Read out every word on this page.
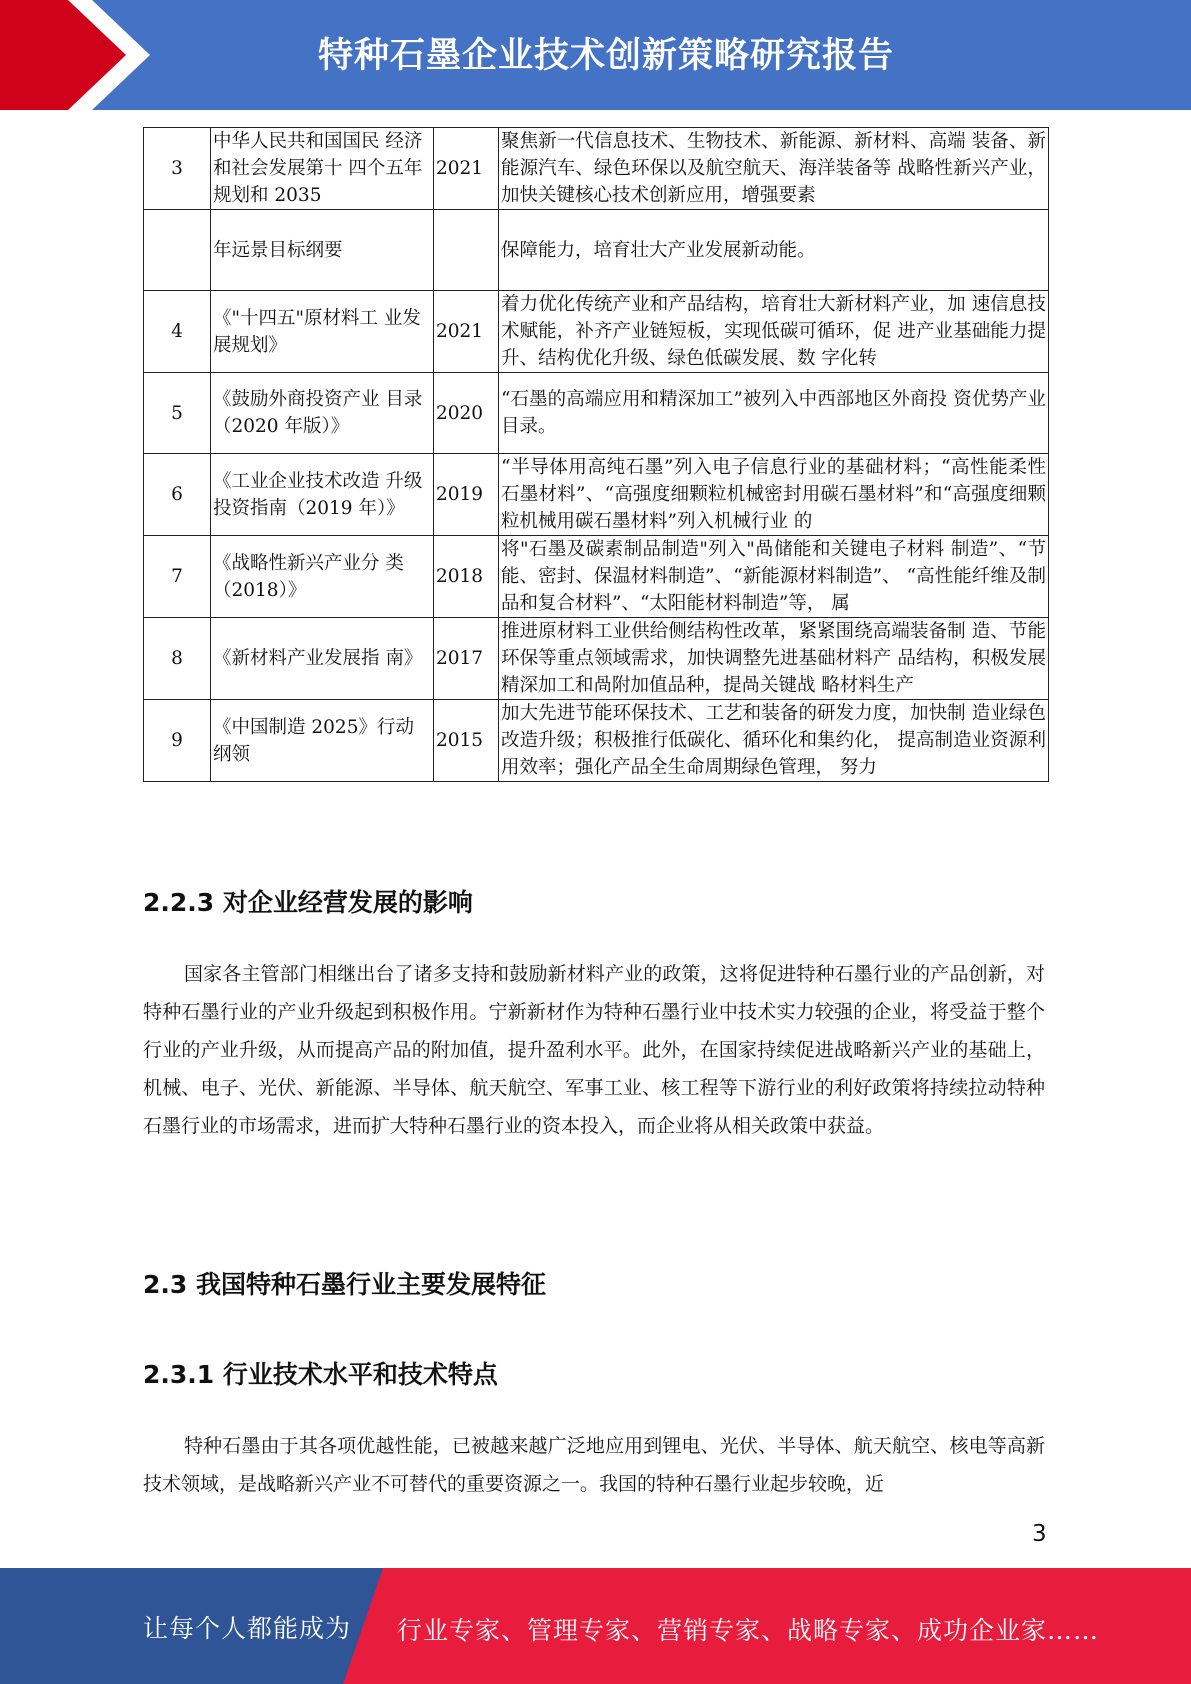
特种石墨企业技术创新策略研究报告
3	中华人民共和国国民 经济和社会发展第十 四个五年规划和 2035	2021	聚焦新一代信息技术、生物技术、新能源、新材料、高端 装备、新能源汽车、绿色环保以及航空航天、海洋装备等 战略性新兴产业，加快关键核心技术创新应用，增强要素
	年远景目标纲要		保障能力，培育壮大产业发展新动能。
4	《"十四五"原材料工 业发展规划》	2021	着力优化传统产业和产品结构，培育壮大新材料产业，加 速信息技术赋能，补齐产业链短板，实现低碳可循环，促 进产业基础能力提升、结构优化升级、绿色低碳发展、数 字化转
5	《鼓励外商投资产业 目录（2020 年版）》	2020	“石墨的高端应用和精深加工”被列入中西部地区外商投 资优势产业目录。
6	《工业企业技术改造 升级投资指南（2019 年）》	2019	“半导体用高纯石墨”列入电子信息行业的基础材料；“高性能柔性石墨材料”、“高强度细颗粒机械密封用碳石墨材料”和“高强度细颗粒机械用碳石墨材料”列入机械行业 的
7	《战略性新兴产业分 类（2018）》	2018	将"石墨及碳素制品制造"列入"咼储能和关键电子材料 制造”、“节能、密封、保温材料制造”、“新能源材料制造”、 “高性能纤维及制品和复合材料”、“太阳能材料制造”等， 属
8	《新材料产业发展指 南》	2017	推进原材料工业供给侧结构性改革，紧紧围绕高端装备制 造、节能环保等重点领域需求，加快调整先进基础材料产 品结构，积极发展精深加工和咼附加值品种，提咼关键战 略材料生产
9	《中国制造 2025》行动 纲领	2015	加大先进节能环保技术、工艺和装备的研发力度，加快制 造业绿色改造升级；积极推行低碳化、循环化和集约化， 提高制造业资源利用效率；强化产品全生命周期绿色管理， 努力
2.2.3 对企业经营发展的影响

国家各主管部门相继出台了诸多支持和鼓励新材料产业的政策，这将促进特种石墨行业的产品创新，对特种石墨行业的产业升级起到积极作用。宁新新材作为特种石墨行业中技术实力较强的企业，将受益于整个行业的产业升级，从而提高产品的附加值，提升盈利水平。此外，在国家持续促进战略新兴产业的基础上，机械、电子、光伏、新能源、半导体、航天航空、军事工业、核工程等下游行业的利好政策将持续拉动特种石墨行业的市场需求，进而扩大特种石墨行业的资本投入，而企业将从相关政策中获益。

2.3 我国特种石墨行业主要发展特征
2.3.1 行业技术水平和技术特点

特种石墨由于其各项优越性能，已被越来越广泛地应用到锂电、光伏、半导体、航天航空、核电等高新技术领域，是战略新兴产业不可替代的重要资源之一。我国的特种石墨行业起步较晚，近

3
让每个人都能成为 行业专家、管理专家、营销专家、战略专家、成功企业家……
